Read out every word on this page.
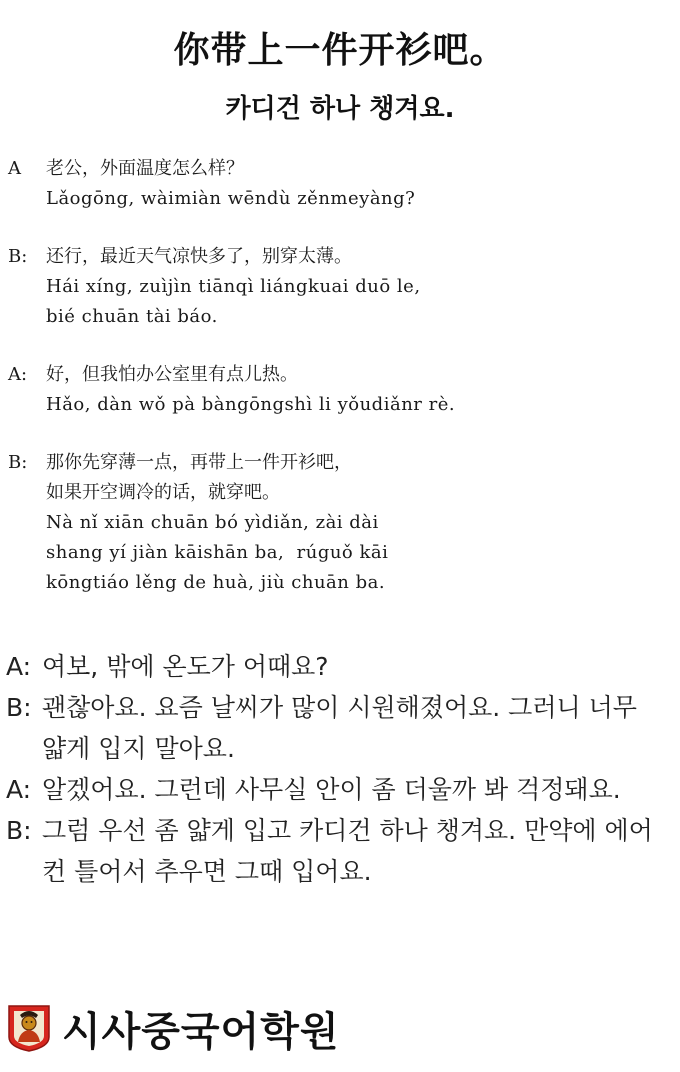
你带上一件开衫吧。
카디건 하나 챙겨요.
A	老公，外面温度怎么样？
Lǎogōng, wàimiàn wēndù zěnmeyàng?
B:	还行，最近天气凉快多了，别穿太薄。
Hái xíng, zuìjìn tiānqì liángkuai duō le,
bié chuān tài báo.
A:	好，但我怕办公室里有点儿热。
Hǎo, dàn wǒ pà bàngōngshì li yǒudiǎnr rè.
B:	那你先穿薄一点，再带上一件开衫吧，
如果开空调冷的话，就穿吧。
Nà nǐ xiān chuān bó yìdiǎn, zài dài
shang yí jiàn kāishān ba,  rúguǒ kāi
kōngtiáo lěng de huà, jiù chuān ba.
A: 여보, 밖에 온도가 어때요?
B: 괜찮아요. 요즘 날씨가 많이 시원해졌어요. 그러니 너무
얇게 입지 말아요.
A: 알겠어요. 그런데 사무실 안이 좀 더울까 봐 걱정돼요.
B: 그럼 우선 좀 얇게 입고 카디건 하나 챙겨요. 만약에 에어
컨 틀어서 추우면 그때 입어요.
시사중국어학원
